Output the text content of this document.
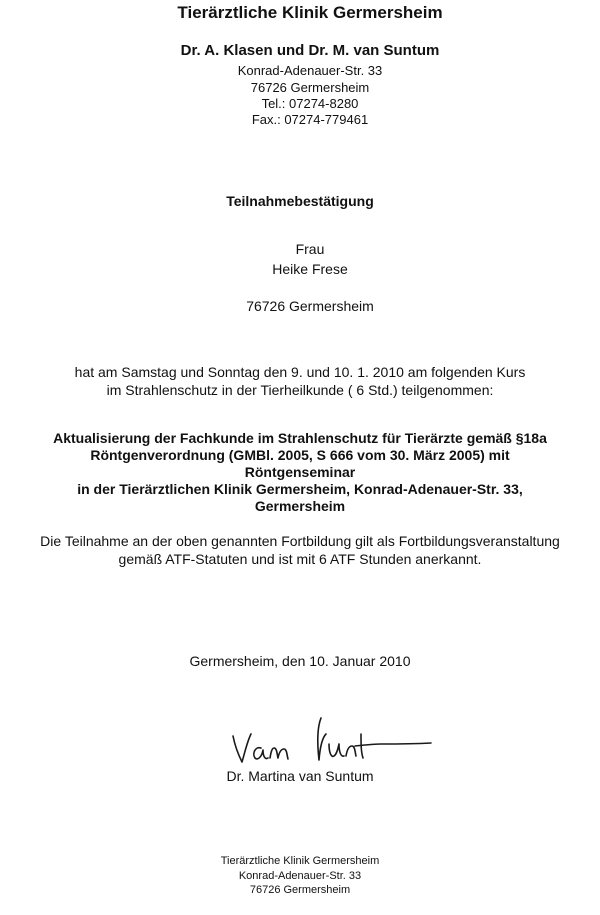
Tierärztliche Klinik Germersheim
Dr. A. Klasen und Dr. M. van Suntum
Konrad-Adenauer-Str. 33
76726 Germersheim
Tel.: 07274-8280
Fax.: 07274-779461
Teilnahmebestätigung
Frau
Heike Frese
76726 Germersheim
hat am Samstag und Sonntag den 9. und 10. 1. 2010 am folgenden Kurs
im Strahlenschutz in der Tierheilkunde ( 6 Std.) teilgenommen:
Aktualisierung der Fachkunde im Strahlenschutz für Tierärzte gemäß §18a
Röntgenverordnung (GMBl. 2005, S 666 vom 30. März 2005) mit
Röntgenseminar
in der Tierärztlichen Klinik Germersheim, Konrad-Adenauer-Str. 33,
Germersheim
Die Teilnahme an der oben genannten Fortbildung gilt als Fortbildungsveranstaltung
gemäß ATF-Statuten und ist mit 6 ATF Stunden anerkannt.
Germersheim, den 10. Januar 2010
Dr. Martina van Suntum
Tierärztliche Klinik Germersheim
Konrad-Adenauer-Str. 33
76726 Germersheim
